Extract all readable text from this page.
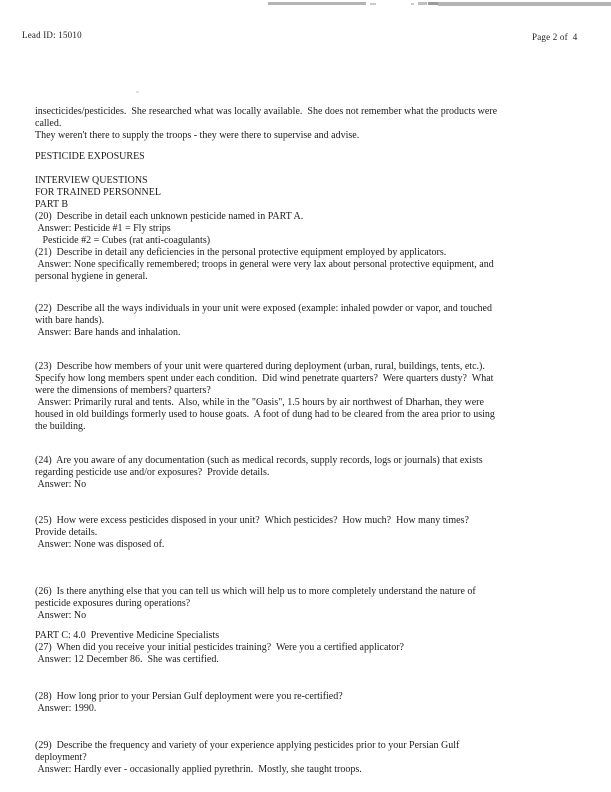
Lead ID: 15010	Page 2 of  4
insecticides/pesticides.  She researched what was locally available.  She does not remember what the products were
called.
They weren't there to supply the troops - they were there to supervise and advise.
PESTICIDE EXPOSURES
INTERVIEW QUESTIONS
FOR TRAINED PERSONNEL
PART B
(20)  Describe in detail each unknown pesticide named in PART A.
Answer: Pesticide #1 = Fly strips
Pesticide #2 = Cubes (rat anti-coagulants)
(21)  Describe in detail any deficiencies in the personal protective equipment employed by applicators.
Answer: None specifically remembered; troops in general were very lax about personal protective equipment, and
personal hygiene in general.
(22)  Describe all the ways individuals in your unit were exposed (example: inhaled powder or vapor, and touched
with bare hands).
Answer: Bare hands and inhalation.
(23)  Describe how members of your unit were quartered during deployment (urban, rural, buildings, tents, etc.).
Specify how long members spent under each condition.  Did wind penetrate quarters?  Were quarters dusty?  What
were the dimensions of members? quarters?
Answer: Primarily rural and tents.  Also, while in the "Oasis", 1.5 hours by air northwest of Dharhan, they were
housed in old buildings formerly used to house goats.  A foot of dung had to be cleared from the area prior to using
the building.
(24)  Are you aware of any documentation (such as medical records, supply records, logs or journals) that exists
regarding pesticide use and/or exposures?  Provide details.
Answer: No
(25)  How were excess pesticides disposed in your unit?  Which pesticides?  How much?  How many times?
Provide details.
Answer: None was disposed of.
(26)  Is there anything else that you can tell us which will help us to more completely understand the nature of
pesticide exposures during operations?
Answer: No
PART C: 4.0  Preventive Medicine Specialists
(27)  When did you receive your initial pesticides training?  Were you a certified applicator?
Answer: 12 December 86.  She was certified.
(28)  How long prior to your Persian Gulf deployment were you re-certified?
Answer: 1990.
(29)  Describe the frequency and variety of your experience applying pesticides prior to your Persian Gulf
deployment?
Answer: Hardly ever - occasionally applied pyrethrin.  Mostly, she taught troops.
